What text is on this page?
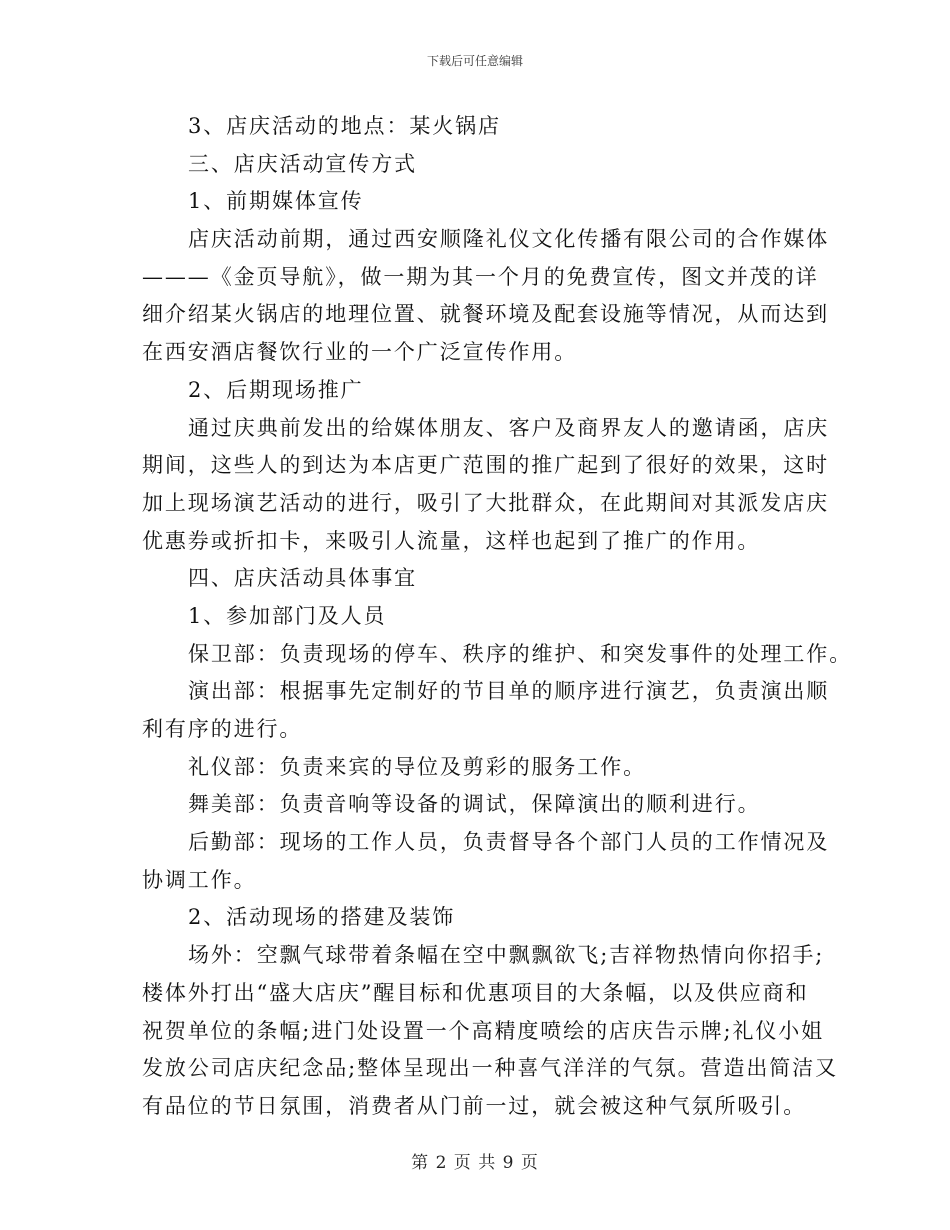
下载后可任意编辑
3、店庆活动的地点：某火锅店
三、店庆活动宣传方式
1、前期媒体宣传
店庆活动前期，通过西安顺隆礼仪文化传播有限公司的合作媒体
———《金页导航》，做一期为其一个月的免费宣传，图文并茂的详
细介绍某火锅店的地理位置、就餐环境及配套设施等情况，从而达到
在西安酒店餐饮行业的一个广泛宣传作用。
2、后期现场推广
通过庆典前发出的给媒体朋友、客户及商界友人的邀请函，店庆
期间，这些人的到达为本店更广范围的推广起到了很好的效果，这时
加上现场演艺活动的进行，吸引了大批群众，在此期间对其派发店庆
优惠券或折扣卡，来吸引人流量，这样也起到了推广的作用。
四、店庆活动具体事宜
1、参加部门及人员
保卫部：负责现场的停车、秩序的维护、和突发事件的处理工作。
演出部：根据事先定制好的节目单的顺序进行演艺，负责演出顺
利有序的进行。
礼仪部：负责来宾的导位及剪彩的服务工作。
舞美部：负责音响等设备的调试，保障演出的顺利进行。
后勤部：现场的工作人员，负责督导各个部门人员的工作情况及
协调工作。
2、活动现场的搭建及装饰
场外：空飘气球带着条幅在空中飘飘欲飞;吉祥物热情向你招手;
楼体外打出“盛大店庆”醒目标和优惠项目的大条幅，以及供应商和
祝贺单位的条幅;进门处设置一个高精度喷绘的店庆告示牌;礼仪小姐
发放公司店庆纪念品;整体呈现出一种喜气洋洋的气氛。营造出简洁又
有品位的节日氛围，消费者从门前一过，就会被这种气氛所吸引。
第 2 页 共 9 页
